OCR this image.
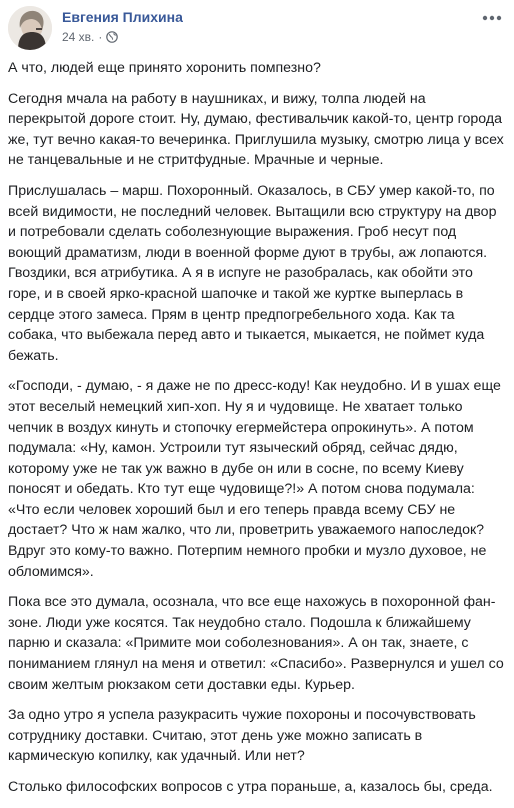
Евгения Плихина
24 хв. ·

А что, людей еще принято хоронить помпезно?

Сегодня мчала на работу в наушниках, и вижу, толпа людей на перекрытой дороге стоит. Ну, думаю, фестивальчик какой-то, центр города же, тут вечно какая-то вечеринка. Приглушила музыку, смотрю лица у всех не танцевальные и не стритфудные. Мрачные и черные.

Прислушалась – марш. Похоронный. Оказалось, в СБУ умер какой-то, по всей видимости, не последний человек. Вытащили всю структуру на двор и потребовали сделать соболезнующие выражения. Гроб несут под воющий драматизм, люди в военной форме дуют в трубы, аж лопаются. Гвоздики, вся атрибутика. А я в испуге не разобралась, как обойти это горе, и в своей ярко-красной шапочке и такой же куртке выперлась в сердце этого замеса. Прям в центр предпогребельного хода. Как та собака, что выбежала перед авто и тыкается, мыкается, не поймет куда бежать.

«Господи, - думаю, - я даже не по дресс-коду! Как неудобно. И в ушах еще этот веселый немецкий хип-хоп. Ну я и чудовище. Не хватает только чепчик в воздух кинуть и стопочку егермейстера опрокинуть». А потом подумала: «Ну, камон. Устроили тут языческий обряд, сейчас дядю, которому уже не так уж важно в дубе он или в сосне, по всему Киеву поносят и обедать. Кто тут еще чудовище?!» А потом снова подумала: «Что если человек хороший был и его теперь правда всему СБУ не достает? Что ж нам жалко, что ли, проветрить уважаемого напоследок? Вдруг это кому-то важно. Потерпим немного пробки и музло духовое, не обломимся».

Пока все это думала, осознала, что все еще нахожусь в похоронной фан-зоне. Люди уже косятся. Так неудобно стало. Подошла к ближайшему парню и сказала: «Примите мои соболезнования». А он так, знаете, с пониманием глянул на меня и ответил: «Спасибо». Развернулся и ушел со своим желтым рюкзаком сети доставки еды. Курьер.

За одно утро я успела разукрасить чужие похороны и посочувствовать сотруднику доставки. Считаю, этот день уже можно записать в кармическую копилку, как удачный. Или нет?

Столько философских вопросов с утра пораньше, а, казалось бы, среда.
